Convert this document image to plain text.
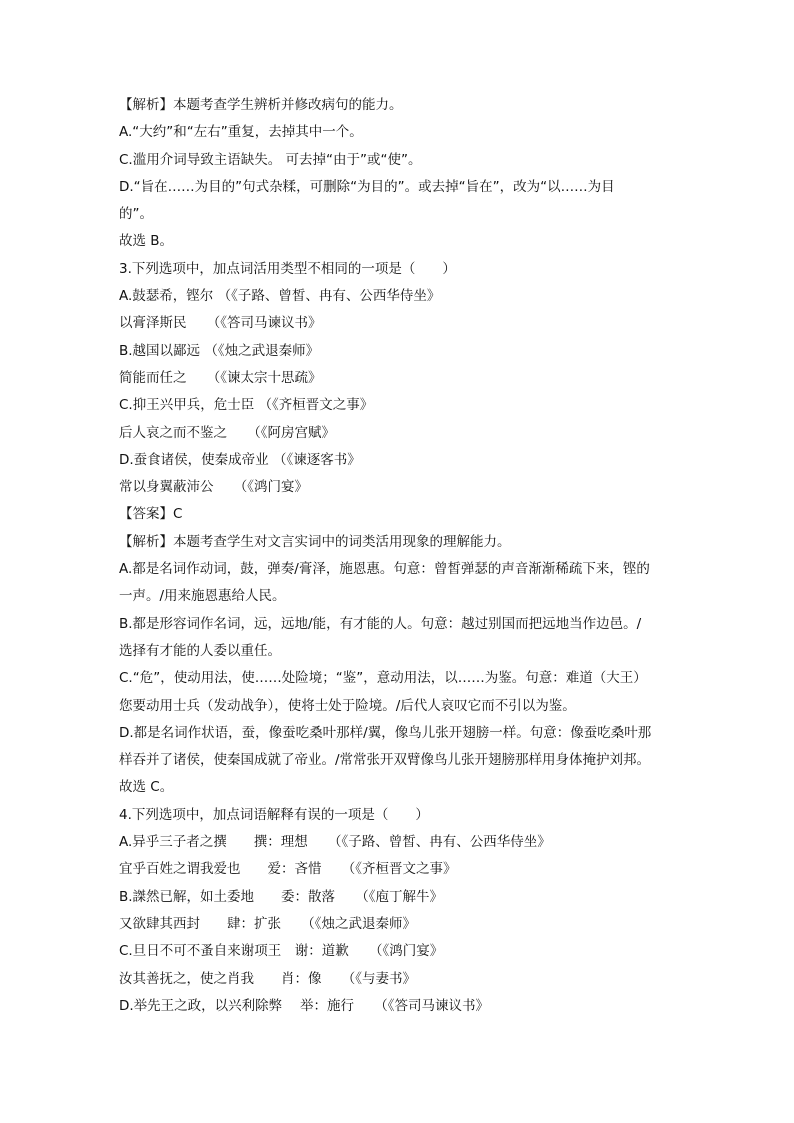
【解析】本题考查学生辨析并修改病句的能力。
A.“大约”和“左右”重复，去掉其中一个。
C.滥用介词导致主语缺失。 可去掉“由于”或“使”。
D.“旨在……为目的”句式杂糅，可删除“为目的”。或去掉“旨在”，改为“以……为目
的”。
故选 B。
3.下列选项中，加点词活用类型不相同的一项是（　　）
A.鼓瑟希，铿尔 （《子路、曾皙、冉有、公西华侍坐》
以膏泽斯民　　（《答司马谏议书》
B.越国以鄙远 （《烛之武退秦师》
简能而任之　　（《谏太宗十思疏》
C.抑王兴甲兵，危士臣 （《齐桓晋文之事》
后人哀之而不鉴之　　（《阿房宫赋》
D.蚕食诸侯，使秦成帝业 （《谏逐客书》
常以身翼蔽沛公　　（《鸿门宴》
【答案】C
【解析】本题考查学生对文言实词中的词类活用现象的理解能力。
A.都是名词作动词，鼓，弹奏/膏泽，施恩惠。句意：曾皙弹瑟的声音渐渐稀疏下来，铿的
一声。/用来施恩惠给人民。
B.都是形容词作名词，远，远地/能，有才能的人。句意：越过别国而把远地当作边邑。/
选择有才能的人委以重任。
C.“危”，使动用法，使……处险境；“鉴”，意动用法，以……为鉴。句意：难道（大王）
您要动用士兵（发动战争），使将士处于险境。/后代人哀叹它而不引以为鉴。
D.都是名词作状语，蚕，像蚕吃桑叶那样/翼，像鸟儿张开翅膀一样。句意：像蚕吃桑叶那
样吞并了诸侯，使秦国成就了帝业。/常常张开双臂像鸟儿张开翅膀那样用身体掩护刘邦。
故选 C。
4.下列选项中，加点词语解释有误的一项是（　　）
A.异乎三子者之撰　　撰：理想　　（《子路、曾皙、冉有、公西华侍坐》
宜乎百姓之谓我爱也　　爱：吝惜　　（《齐桓晋文之事》
B.謋然已解，如土委地　　委：散落　　（《庖丁解牛》
又欲肆其西封　　肆：扩张　　（《烛之武退秦师》
C.旦日不可不蚤自来谢项王　谢：道歉　　（《鸿门宴》
汝其善抚之，使之肖我　　肖：像　　（《与妻书》
D.举先王之政，以兴利除弊　 举：施行　　（《答司马谏议书》
